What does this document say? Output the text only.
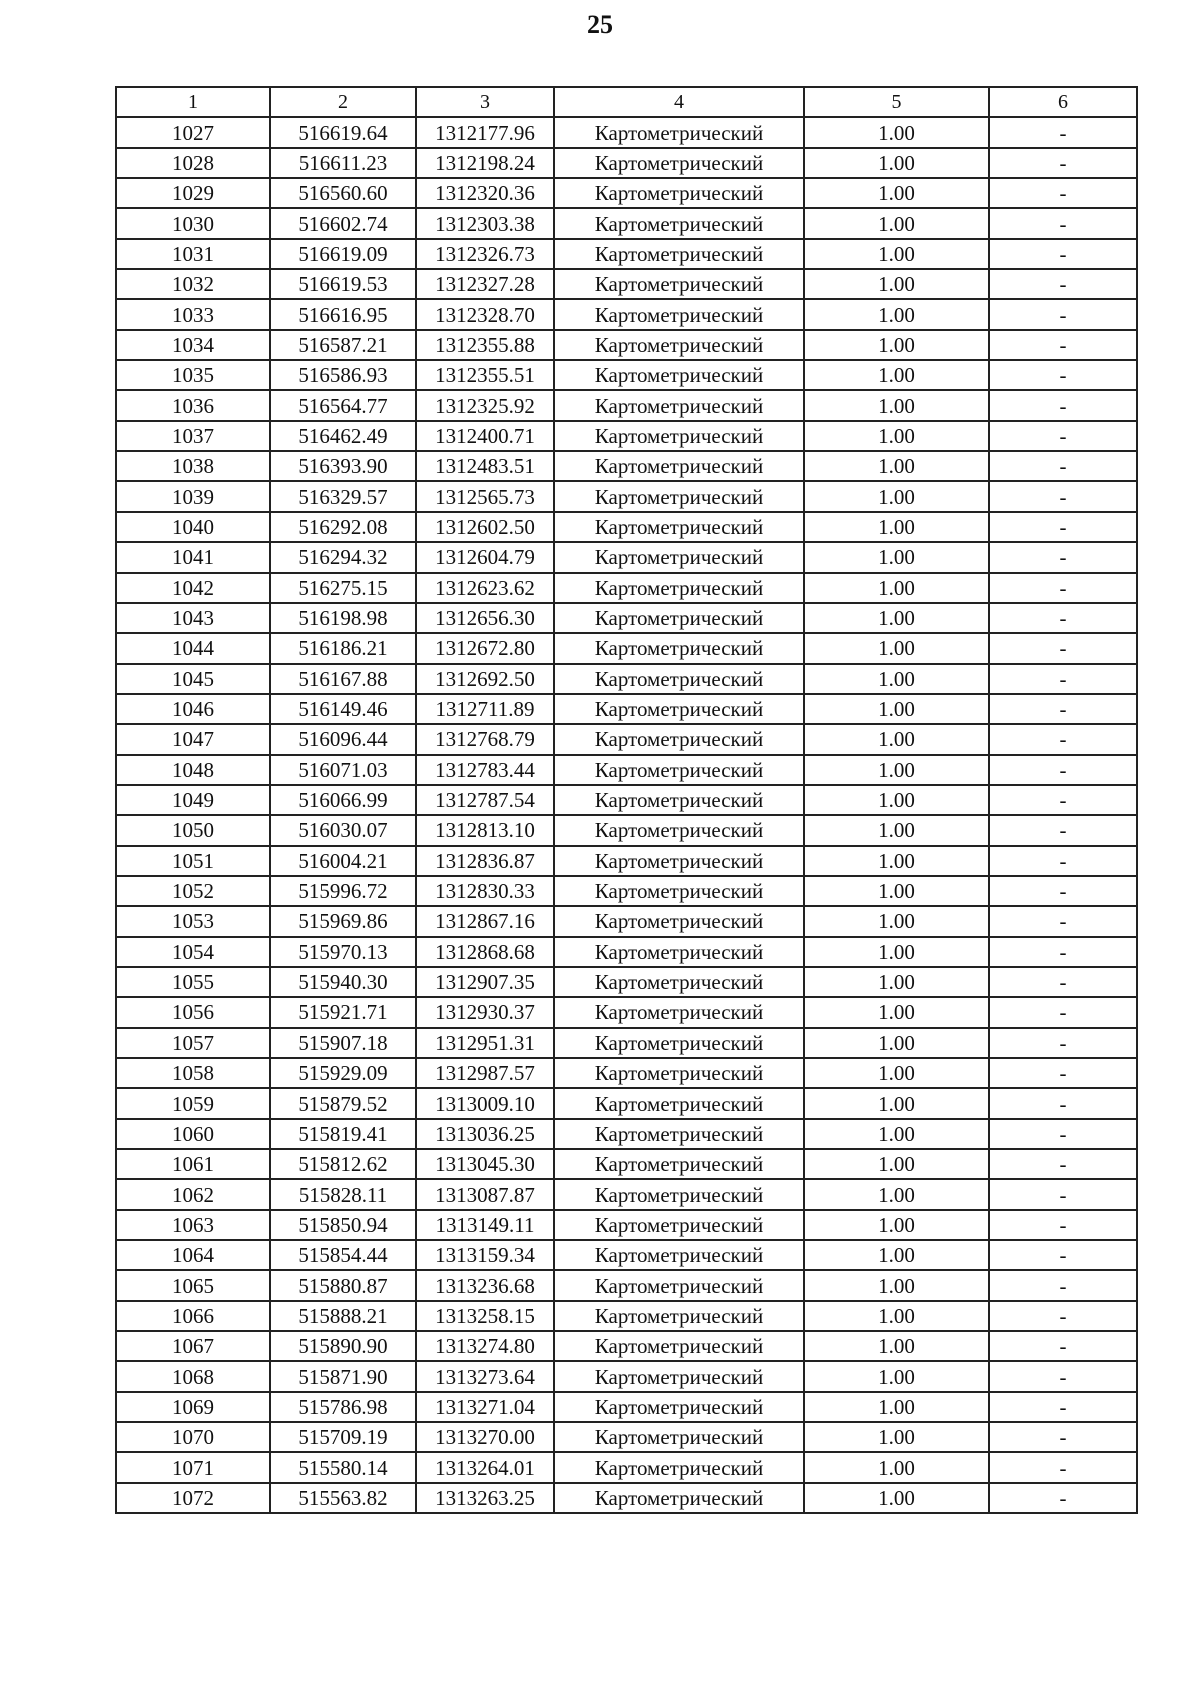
25
1	2	3	4	5	6
1027	516619.64	1312177.96	Картометрический	1.00	-
1028	516611.23	1312198.24	Картометрический	1.00	-
1029	516560.60	1312320.36	Картометрический	1.00	-
1030	516602.74	1312303.38	Картометрический	1.00	-
1031	516619.09	1312326.73	Картометрический	1.00	-
1032	516619.53	1312327.28	Картометрический	1.00	-
1033	516616.95	1312328.70	Картометрический	1.00	-
1034	516587.21	1312355.88	Картометрический	1.00	-
1035	516586.93	1312355.51	Картометрический	1.00	-
1036	516564.77	1312325.92	Картометрический	1.00	-
1037	516462.49	1312400.71	Картометрический	1.00	-
1038	516393.90	1312483.51	Картометрический	1.00	-
1039	516329.57	1312565.73	Картометрический	1.00	-
1040	516292.08	1312602.50	Картометрический	1.00	-
1041	516294.32	1312604.79	Картометрический	1.00	-
1042	516275.15	1312623.62	Картометрический	1.00	-
1043	516198.98	1312656.30	Картометрический	1.00	-
1044	516186.21	1312672.80	Картометрический	1.00	-
1045	516167.88	1312692.50	Картометрический	1.00	-
1046	516149.46	1312711.89	Картометрический	1.00	-
1047	516096.44	1312768.79	Картометрический	1.00	-
1048	516071.03	1312783.44	Картометрический	1.00	-
1049	516066.99	1312787.54	Картометрический	1.00	-
1050	516030.07	1312813.10	Картометрический	1.00	-
1051	516004.21	1312836.87	Картометрический	1.00	-
1052	515996.72	1312830.33	Картометрический	1.00	-
1053	515969.86	1312867.16	Картометрический	1.00	-
1054	515970.13	1312868.68	Картометрический	1.00	-
1055	515940.30	1312907.35	Картометрический	1.00	-
1056	515921.71	1312930.37	Картометрический	1.00	-
1057	515907.18	1312951.31	Картометрический	1.00	-
1058	515929.09	1312987.57	Картометрический	1.00	-
1059	515879.52	1313009.10	Картометрический	1.00	-
1060	515819.41	1313036.25	Картометрический	1.00	-
1061	515812.62	1313045.30	Картометрический	1.00	-
1062	515828.11	1313087.87	Картометрический	1.00	-
1063	515850.94	1313149.11	Картометрический	1.00	-
1064	515854.44	1313159.34	Картометрический	1.00	-
1065	515880.87	1313236.68	Картометрический	1.00	-
1066	515888.21	1313258.15	Картометрический	1.00	-
1067	515890.90	1313274.80	Картометрический	1.00	-
1068	515871.90	1313273.64	Картометрический	1.00	-
1069	515786.98	1313271.04	Картометрический	1.00	-
1070	515709.19	1313270.00	Картометрический	1.00	-
1071	515580.14	1313264.01	Картометрический	1.00	-
1072	515563.82	1313263.25	Картометрический	1.00	-
